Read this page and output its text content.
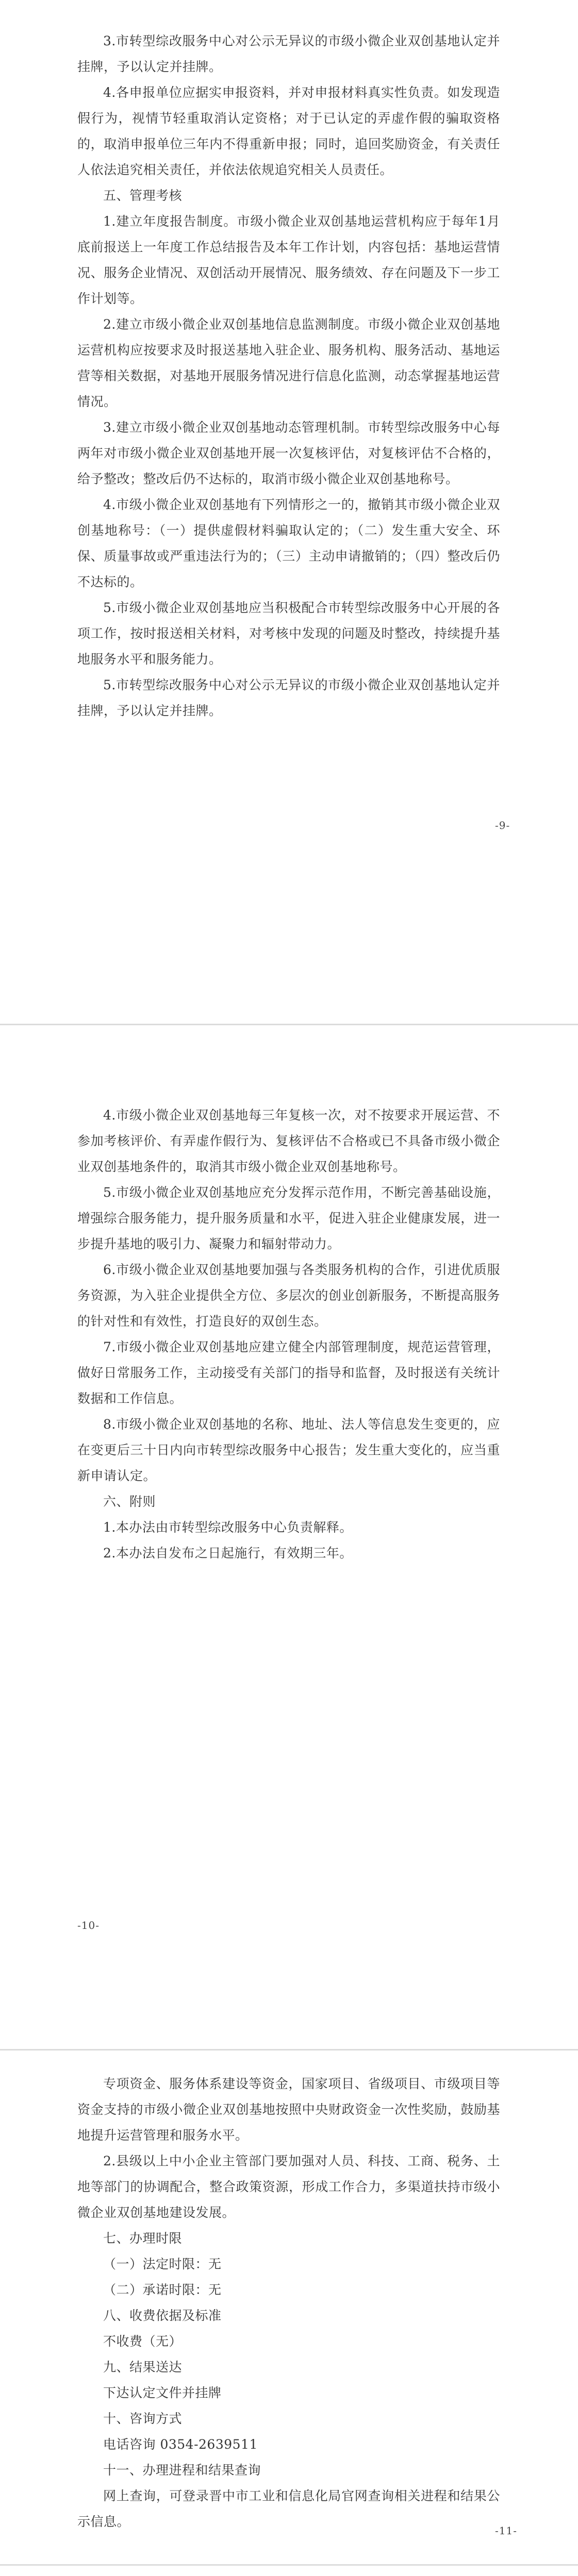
3.市转型综改服务中心对公示无异议的市级小微企业双创基地认定并挂牌，予以认定并挂牌。

4.各申报单位应据实申报资料，并对申报材料真实性负责。如发现造假行为，视情节轻重取消认定资格；对于已认定的弄虚作假的骗取资格的，取消申报单位三年内不得重新申报；同时，追回奖励资金，有关责任人依法追究相关责任，并依法依规追究相关人员责任。

五、管理考核

1.建立年度报告制度。市级小微企业双创基地运营机构应于每年1月底前报送上一年度工作总结报告及本年工作计划，内容包括：基地运营情况、服务企业情况、双创活动开展情况、服务绩效、存在问题及下一步工作计划等。

2.建立市级小微企业双创基地信息监测制度。市级小微企业双创基地运营机构应按要求及时报送基地入驻企业、服务机构、服务活动、基地运营等相关数据，对基地开展服务情况进行信息化监测，动态掌握基地运营情况。

3.建立市级小微企业双创基地动态管理机制。市转型综改服务中心每两年对市级小微企业双创基地开展一次复核评估，对复核评估不合格的，给予整改；整改后仍不达标的，取消市级小微企业双创基地称号。

4.市级小微企业双创基地有下列情形之一的，撤销其市级小微企业双创基地称号：（一）提供虚假材料骗取认定的；（二）发生重大安全、环保、质量事故或严重违法行为的；（三）主动申请撤销的；（四）整改后仍不达标的。

5.市级小微企业双创基地应当积极配合市转型综改服务中心开展的各项工作，按时报送相关材料，对考核中发现的问题及时整改，持续提升基地服务水平和服务能力。

5.市转型综改服务中心对公示无异议的市级小微企业双创基地认定并挂牌，予以认定并挂牌。

-9-

4.市级小微企业双创基地每三年复核一次，对不按要求开展运营、不参加考核评价、有弄虚作假行为、复核评估不合格或已不具备市级小微企业双创基地条件的，取消其市级小微企业双创基地称号。

5.市级小微企业双创基地应充分发挥示范作用，不断完善基础设施，增强综合服务能力，提升服务质量和水平，促进入驻企业健康发展，进一步提升基地的吸引力、凝聚力和辐射带动力。

6.市级小微企业双创基地要加强与各类服务机构的合作，引进优质服务资源，为入驻企业提供全方位、多层次的创业创新服务，不断提高服务的针对性和有效性，打造良好的双创生态。

7.市级小微企业双创基地应建立健全内部管理制度，规范运营管理，做好日常服务工作，主动接受有关部门的指导和监督，及时报送有关统计数据和工作信息。

8.市级小微企业双创基地的名称、地址、法人等信息发生变更的，应在变更后三十日内向市转型综改服务中心报告；发生重大变化的，应当重新申请认定。

六、附则

1.本办法由市转型综改服务中心负责解释。

2.本办法自发布之日起施行，有效期三年。

-10-

专项资金、服务体系建设等资金，国家项目、省级项目、市级项目等资金支持的市级小微企业双创基地按照中央财政资金一次性奖励，鼓励基地提升运营管理和服务水平。

2.县级以上中小企业主管部门要加强对人员、科技、工商、税务、土地等部门的协调配合，整合政策资源，形成工作合力，多渠道扶持市级小微企业双创基地建设发展。

七、办理时限

（一）法定时限：无

（二）承诺时限：无

八、收费依据及标准

不收费（无）

九、结果送达

下达认定文件并挂牌

十、咨询方式

电话咨询 0354-2639511

十一、办理进程和结果查询

网上查询，可登录晋中市工业和信息化局官网查询相关进程和结果公示信息。

-11-
